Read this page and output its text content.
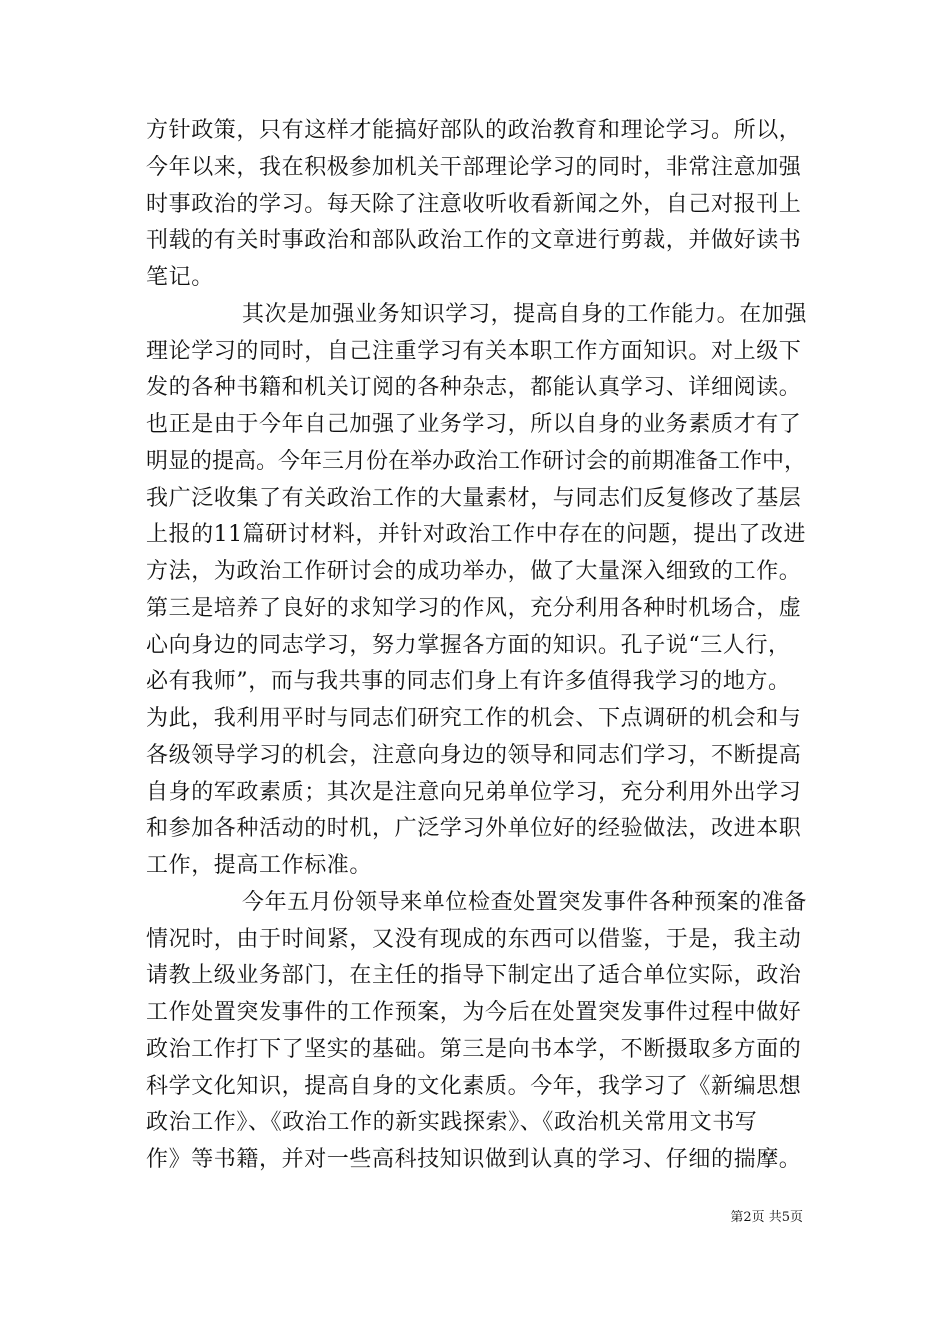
方针政策，只有这样才能搞好部队的政治教育和理论学习。所以，
今年以来，我在积极参加机关干部理论学习的同时，非常注意加强
时事政治的学习。每天除了注意收听收看新闻之外，自己对报刊上
刊载的有关时事政治和部队政治工作的文章进行剪裁，并做好读书
笔记。
其次是加强业务知识学习，提高自身的工作能力。在加强
理论学习的同时，自己注重学习有关本职工作方面知识。对上级下
发的各种书籍和机关订阅的各种杂志，都能认真学习、详细阅读。
也正是由于今年自己加强了业务学习，所以自身的业务素质才有了
明显的提高。今年三月份在举办政治工作研讨会的前期准备工作中，
我广泛收集了有关政治工作的大量素材，与同志们反复修改了基层
上报的11篇研讨材料，并针对政治工作中存在的问题，提出了改进
方法，为政治工作研讨会的成功举办，做了大量深入细致的工作。
第三是培养了良好的求知学习的作风，充分利用各种时机场合，虚
心向身边的同志学习，努力掌握各方面的知识。孔子说“三人行，
必有我师”，而与我共事的同志们身上有许多值得我学习的地方。
为此，我利用平时与同志们研究工作的机会、下点调研的机会和与
各级领导学习的机会，注意向身边的领导和同志们学习，不断提高
自身的军政素质；其次是注意向兄弟单位学习，充分利用外出学习
和参加各种活动的时机，广泛学习外单位好的经验做法，改进本职
工作，提高工作标准。
今年五月份领导来单位检查处置突发事件各种预案的准备
情况时，由于时间紧，又没有现成的东西可以借鉴，于是，我主动
请教上级业务部门，在主任的指导下制定出了适合单位实际，政治
工作处置突发事件的工作预案，为今后在处置突发事件过程中做好
政治工作打下了坚实的基础。第三是向书本学，不断摄取多方面的
科学文化知识，提高自身的文化素质。今年，我学习了《新编思想
政治工作》、《政治工作的新实践探索》、《政治机关常用文书写
作》等书籍，并对一些高科技知识做到认真的学习、仔细的揣摩。
第2页 共5页
